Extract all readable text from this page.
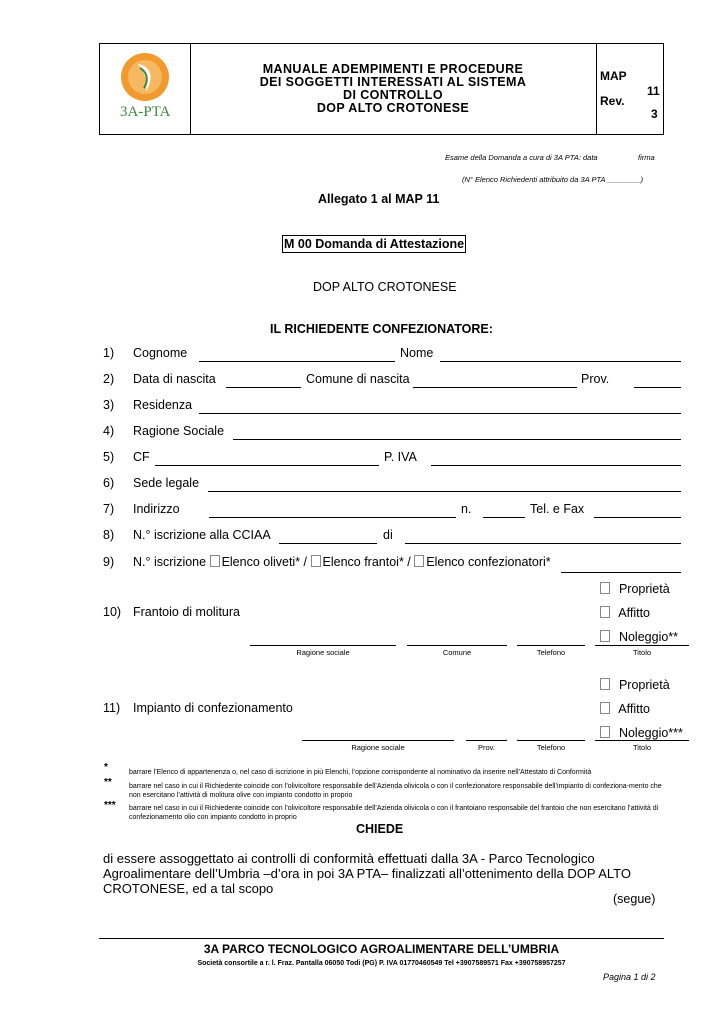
3A-PTA
MANUALE ADEMPIMENTI E PROCEDURE
DEI SOGGETTI INTERESSATI AL SISTEMA
DI CONTROLLO
DOP ALTO CROTONESE
MAP
11
Rev.
3
Esame della Domanda a cura di 3A PTA: data	firma
(N° Elenco Richiedenti attribuito da 3A PTA ________)
Allegato 1 al MAP 11
M 00 Domanda di Attestazione
DOP ALTO CROTONESE
IL RICHIEDENTE CONFEZIONATORE:
1) Cognome	Nome
2) Data di nascita	Comune di nascita	Prov.
3) Residenza
4) Ragione Sociale
5) CF	P. IVA
6) Sede legale
7) Indirizzo	n.	Tel. e Fax
8) N.° iscrizione alla CCIAA	di
9) N.° iscrizione Elenco oliveti* / Elenco frantoi* / Elenco confezionatori*
Proprietà
10) Frantoio di molitura	Affitto
Noleggio**
Ragione sociale	Comune	Telefono	Titolo
Proprietà
11) Impianto di confezionamento	Affitto
Noleggio***
Ragione sociale	Prov.	Telefono	Titolo
*	barrare l’Elenco di appartenenza o, nel caso di iscrizione in più Elenchi, l’opzione corrispondente al nominativo da inserire nell’Attestato di Conformità
** barrare nel caso in cui il Richiedente coincide con l’olivicoltore responsabile dell’Azienda olivicola o con il confezionatore responsabile dell’impianto di confeziona-mento che non esercitano l’attività di molitura olive con impianto condotto in proprio
*** barrare nel caso in cui il Richiedente coincide con l’olivicoltore responsabile dell’Azienda olivicola o con il frantoiano responsabile del frantoio che non esercitano l’attività di confezionamento olio con impianto condotto in proprio
CHIEDE
di essere assoggettato ai controlli di conformità effettuati dalla 3A - Parco Tecnologico Agroalimentare dell’Umbria –d’ora in poi 3A PTA– finalizzati all’ottenimento della DOP ALTO CROTONESE, ed a tal scopo
(segue)
3A PARCO TECNOLOGICO AGROALIMENTARE DELL’UMBRIA
Società consortile a r. l. Fraz. Pantalla 06050 Todi (PG) P. IVA 01770460549 Tel +3907589571 Fax +390758957257
Pagina 1 di 2
